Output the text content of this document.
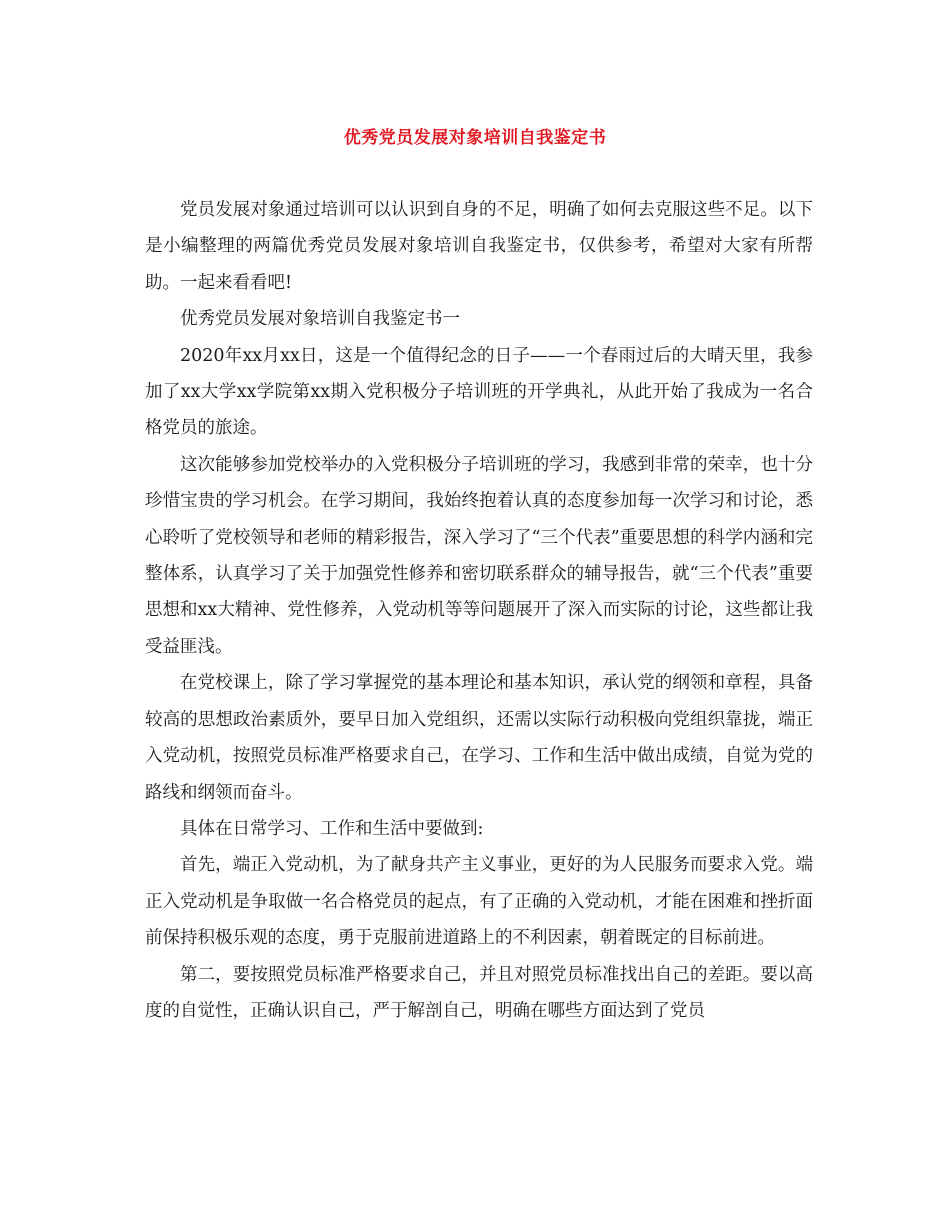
优秀党员发展对象培训自我鉴定书

党员发展对象通过培训可以认识到自身的不足，明确了如何去克服这些不足。以下是小编整理的两篇优秀党员发展对象培训自我鉴定书，仅供参考，希望对大家有所帮助。一起来看看吧!

优秀党员发展对象培训自我鉴定书一

2020年xx月xx日，这是一个值得纪念的日子——一个春雨过后的大晴天里，我参加了xx大学xx学院第xx期入党积极分子培训班的开学典礼，从此开始了我成为一名合格党员的旅途。

这次能够参加党校举办的入党积极分子培训班的学习，我感到非常的荣幸，也十分珍惜宝贵的学习机会。在学习期间，我始终抱着认真的态度参加每一次学习和讨论，悉心聆听了党校领导和老师的精彩报告，深入学习了“三个代表”重要思想的科学内涵和完整体系，认真学习了关于加强党性修养和密切联系群众的辅导报告，就“三个代表”重要思想和xx大精神、党性修养，入党动机等等问题展开了深入而实际的讨论，这些都让我受益匪浅。

在党校课上，除了学习掌握党的基本理论和基本知识，承认党的纲领和章程，具备较高的思想政治素质外，要早日加入党组织，还需以实际行动积极向党组织靠拢，端正入党动机，按照党员标准严格要求自己，在学习、工作和生活中做出成绩，自觉为党的路线和纲领而奋斗。

具体在日常学习、工作和生活中要做到:

首先，端正入党动机，为了献身共产主义事业，更好的为人民服务而要求入党。端正入党动机是争取做一名合格党员的起点，有了正确的入党动机，才能在困难和挫折面前保持积极乐观的态度，勇于克服前进道路上的不利因素，朝着既定的目标前进。

第二，要按照党员标准严格要求自己，并且对照党员标准找出自己的差距。要以高度的自觉性，正确认识自己，严于解剖自己，明确在哪些方面达到了党员
